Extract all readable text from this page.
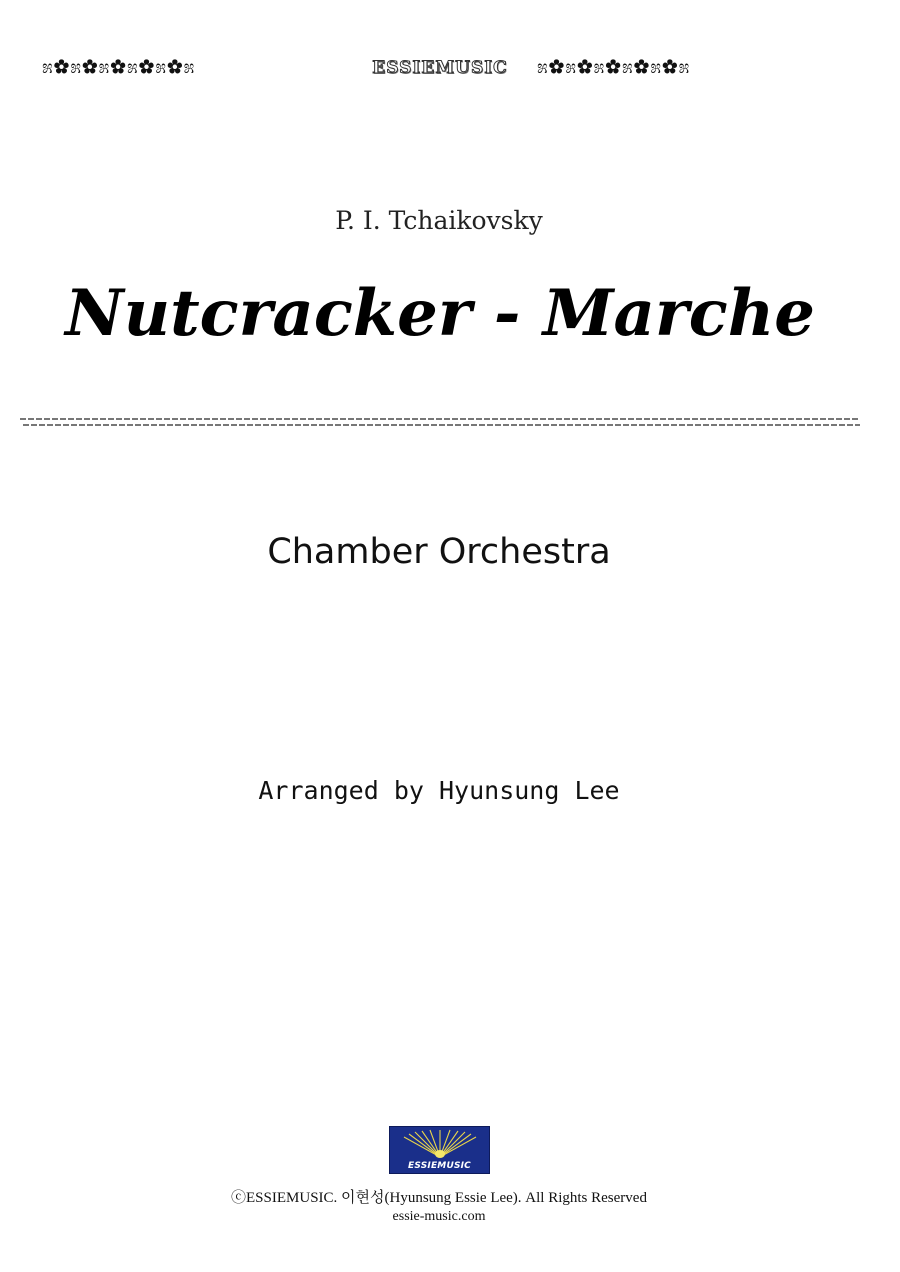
೫✿೫✿೫✿೫✿೫✿೫	ESSIEMUSIC	೫✿೫✿೫✿೫✿೫✿೫
P. I. Tchaikovsky
Nutcracker - Marche
Chamber Orchestra
Arranged by Hyunsung Lee
ESSIEMUSIC
ⓒESSIEMUSIC. 이현성(Hyunsung Essie Lee). All Rights Reserved
essie-music.com
